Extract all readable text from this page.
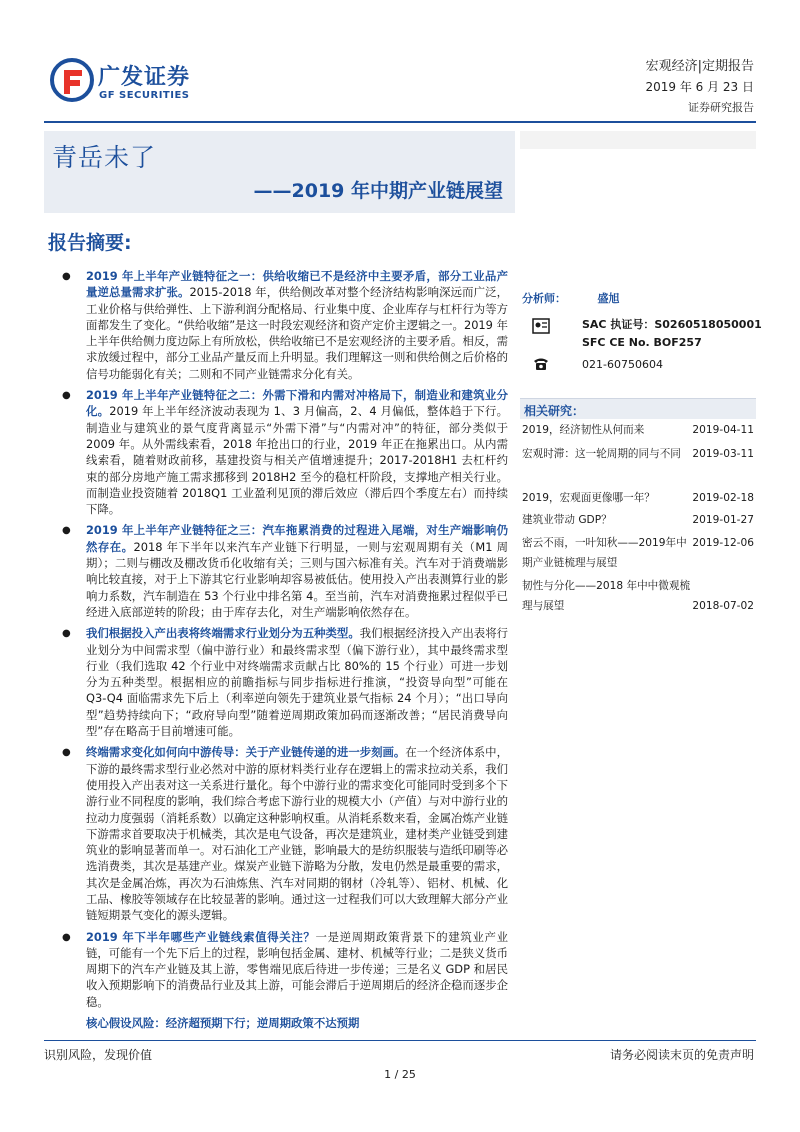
广发证券
GF SECURITIES
宏观经济|定期报告
2019 年 6 月 23 日
证券研究报告
青岳未了
——2019 年中期产业链展望
报告摘要:
● 2019 年上半年产业链特征之一：供给收缩已不是经济中主要矛盾，部分工业品产量逆总量需求扩张。2015-2018 年，供给侧改革对整个经济结构影响深远而广泛，工业价格与供给弹性、上下游利润分配格局、行业集中度、企业库存与杠杆行为等方面都发生了变化。“供给收缩”是这一时段宏观经济和资产定价主逻辑之一。2019 年上半年供给侧力度边际上有所放松，供给收缩已不是宏观经济的主要矛盾。相反，需求放缓过程中，部分工业品产量反而上升明显。我们理解这一则和供给侧之后价格的信号功能弱化有关；二则和不同产业链需求分化有关。
● 2019 年上半年产业链特征之二：外需下滑和内需对冲格局下，制造业和建筑业分化。2019 年上半年经济波动表现为 1、3 月偏高，2、4 月偏低，整体趋于下行。制造业与建筑业的景气度背离显示“外需下滑”与“内需对冲”的特征，部分类似于 2009 年。从外需线索看，2018 年抢出口的行业，2019 年正在拖累出口。从内需线索看，随着财政前移，基建投资与相关产值增速提升；2017-2018H1 去杠杆约束的部分房地产施工需求挪移到 2018H2 至今的稳杠杆阶段，支撑地产相关行业。而制造业投资随着 2018Q1 工业盈利见顶的滞后效应（滞后四个季度左右）而持续下降。
● 2019 年上半年产业链特征之三：汽车拖累消费的过程进入尾端，对生产端影响仍然存在。2018 年下半年以来汽车产业链下行明显，一则与宏观周期有关（M1 周期）；二则与棚改及棚改货币化收缩有关；三则与国六标准有关。汽车对于消费端影响比较直接，对于上下游其它行业影响却容易被低估。使用投入产出表测算行业的影响力系数，汽车制造在 53 个行业中排名第 4。至当前，汽车对消费拖累过程似乎已经进入底部逆转的阶段；由于库存去化，对生产端影响依然存在。
● 我们根据投入产出表将终端需求行业划分为五种类型。我们根据经济投入产出表将行业划分为中间需求型（偏中游行业）和最终需求型（偏下游行业），其中最终需求型行业（我们选取 42 个行业中对终端需求贡献占比 80%的 15 个行业）可进一步划分为五种类型。根据相应的前瞻指标与同步指标进行推演，“投资导向型”可能在 Q3-Q4 面临需求先下后上（利率逆向领先于建筑业景气指标 24 个月）；“出口导向型”趋势持续向下；“政府导向型”随着逆周期政策加码而逐渐改善；“居民消费导向型”存在略高于目前增速可能。
● 终端需求变化如何向中游传导：关于产业链传递的进一步刻画。在一个经济体系中，下游的最终需求型行业必然对中游的原材料类行业存在逻辑上的需求拉动关系，我们使用投入产出表对这一关系进行量化。每个中游行业的需求变化可能同时受到多个下游行业不同程度的影响，我们综合考虑下游行业的规模大小（产值）与对中游行业的拉动力度强弱（消耗系数）以确定这种影响权重。从消耗系数来看，金属冶炼产业链下游需求首要取决于机械类，其次是电气设备，再次是建筑业，建材类产业链受到建筑业的影响显著而单一。对石油化工产业链，影响最大的是纺织服装与造纸印刷等必选消费类，其次是基建产业。煤炭产业链下游略为分散，发电仍然是最重要的需求，其次是金属冶炼，再次为石油炼焦、汽车对同期的钢材（冷轧等）、铝材、机械、化工品、橡胶等领域存在比较显著的影响。通过这一过程我们可以大致理解大部分产业链短期景气变化的源头逻辑。
● 2019 年下半年哪些产业链线索值得关注？一是逆周期政策背景下的建筑业产业链，可能有一个先下后上的过程，影响包括金属、建材、机械等行业；二是狭义货币周期下的汽车产业链及其上游，零售端见底后待进一步传递；三是名义 GDP 和居民收入预期影响下的消费品行业及其上游，可能会滞后于逆周期后的经济企稳而逐步企稳。
核心假设风险：经济超预期下行；逆周期政策不达预期
分析师：	盛旭
SAC 执证号：S0260518050001
SFC CE No. BOF257
021-60750604
相关研究：
2019，经济韧性从何而来	2019-04-11
宏观时滞：这一轮周期的同与不同	2019-03-11
2019，宏观面更像哪一年？	2019-02-18
建筑业带动 GDP？	2019-01-27
密云不雨，一叶知秋——2019年中期产业链梳理与展望
2019-12-06
韧性与分化——2018 年中中微观梳理与展望	2018-07-02
识别风险，发现价值	请务必阅读末页的免责声明
1 / 25
